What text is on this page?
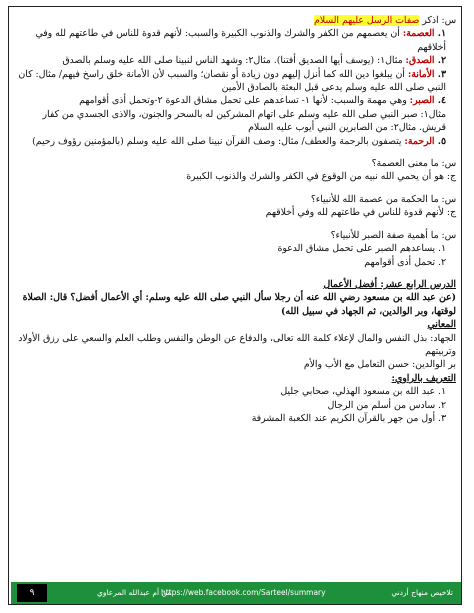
س: اذكر صفات الرسل عليهم السلام

١. العصمة: أن يعصمهم من الكفر والشرك والذنوب الكبيرة والسبب: لأنهم قدوة للناس في طاعتهم لله وفي أخلاقهم

٢. الصدق: مثال١: (يوسف أيها الصديق أفتنا). مثال٢: وشهد الناس لنبينا صلى الله عليه وسلم بالصدق

٣. الأمانة: أن يبلغوا دين الله كما أنزل إليهم دون زيادة أو نقصان؛ والسبب لأن الأمانة خلق راسخ فيهم/ مثال: كان النبي صلى الله عليه وسلم يدعى قبل البعثة بالصادق الأمين

٤. الصبر: وهي مهمة والسبب: لأنها ١- تساعدهم على تحمل مشاق الدعوة ٢-وتحمل أذى أقوامهم

مثال١: صبر النبي صلى الله عليه وسلم على اتهام المشركين له بالسحر والجنون، والاذى الجسدي من كفار قريش. مثال٢: من الصابرين النبي أيوب عليه السلام

٥. الرحمة: يتصفون بالرحمة والعطف/ مثال: وصف القرآن نبينا صلى الله عليه وسلم (بالمؤمنين رؤوف رحيم)

س: ما معنى العصمة؟

ج: هو أن يحمي الله نبيه من الوقوع في الكفر والشرك والذنوب الكبيرة

س: ما الحكمة من عصمة الله للأنبياء؟

ج: لأنهم قدوة للناس في طاعتهم لله وفي أخلاقهم

س: ما أهمية صفة الصبر للأنبياء؟

١. يساعدهم الصبر على تحمل مشاق الدعوة

٢. تحمل أذى أقوامهم

الدرس الرابع عشر: أفضل الأعمال

(عن عبد الله بن مسعود رضي الله عنه أن رجلا سأل النبي صلى الله عليه وسلم: أي الأعمال أفضل؟ قال: الصلاة لوقتها، وبر الوالدين، ثم الجهاد في سبيل الله)

المعاني

الجهاد: بذل النفس والمال لإعلاء كلمة الله تعالى، والدفاع عن الوطن والنفس وطلب العلم والسعي على رزق الأولاد وتربيتهم

بر الوالدين: حسن التعامل مع الأب والأم

التعريف بالراوي:

١. عبد الله بن مسعود الهذلي، صحابي جليل

٢. سادس من أسلم من الرجال

٣. أول من جهر بالقرآن الكريم عند الكعبة المشرفة

تلاخيص منهاج أردني
https://web.facebook.com/Sarteel/summary
من أم عبدالله المرعاوي
٩
